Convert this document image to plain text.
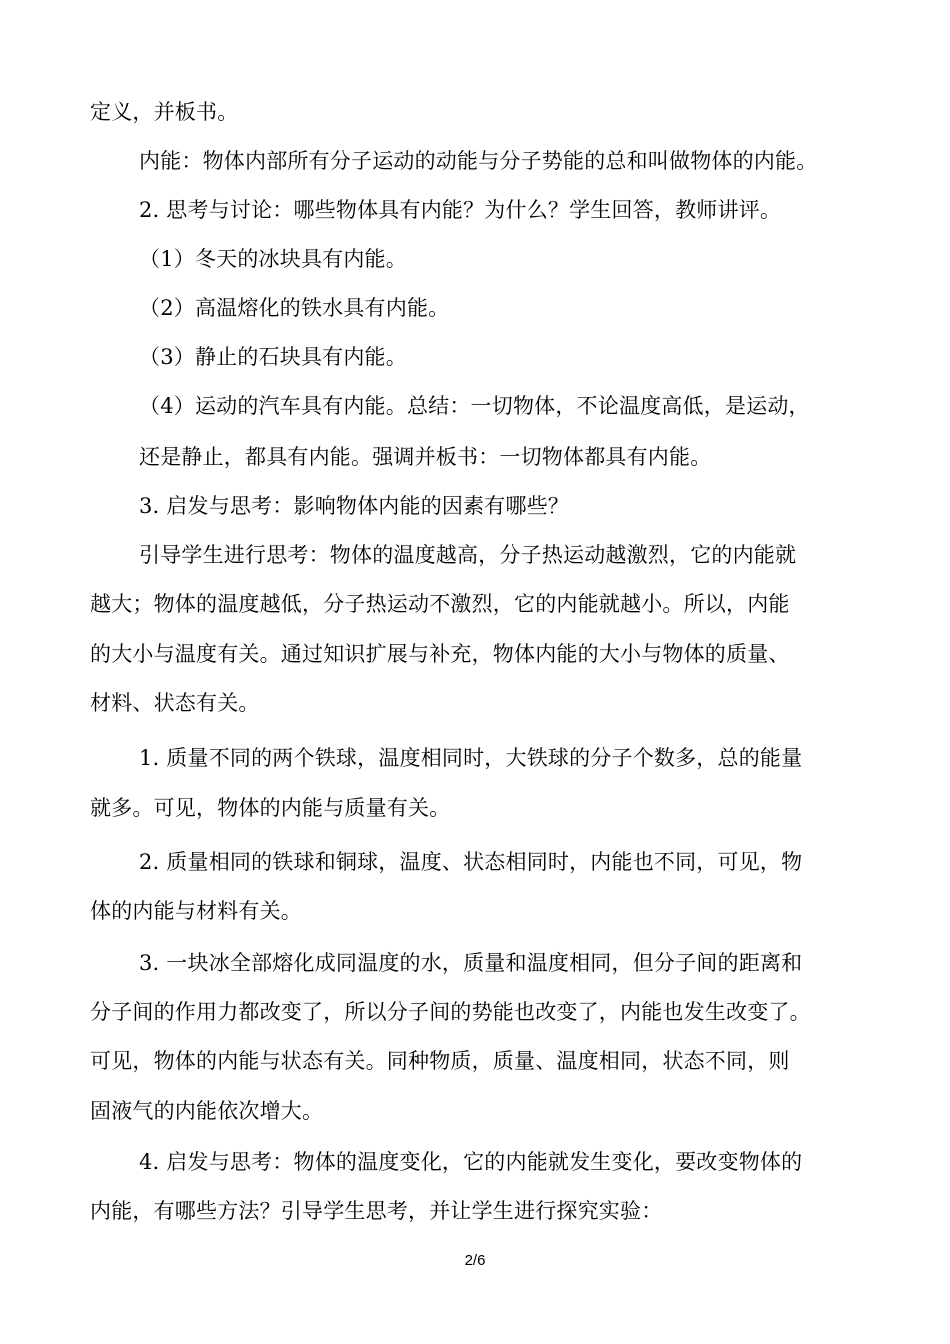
定义，并板书。
内能：物体内部所有分子运动的动能与分子势能的总和叫做物体的内能。
2. 思考与讨论：哪些物体具有内能？为什么？学生回答，教师讲评。
（1）冬天的冰块具有内能。
（2）高温熔化的铁水具有内能。
（3）静止的石块具有内能。
（4）运动的汽车具有内能。总结：一切物体，不论温度高低，是运动，
还是静止，都具有内能。强调并板书：一切物体都具有内能。
3. 启发与思考：影响物体内能的因素有哪些？
引导学生进行思考：物体的温度越高，分子热运动越激烈，它的内能就
越大；物体的温度越低，分子热运动不激烈，它的内能就越小。所以，内能
的大小与温度有关。通过知识扩展与补充，物体内能的大小与物体的质量、
材料、状态有关。
1. 质量不同的两个铁球，温度相同时，大铁球的分子个数多，总的能量
就多。可见，物体的内能与质量有关。
2. 质量相同的铁球和铜球，温度、状态相同时，内能也不同，可见，物
体的内能与材料有关。
3. 一块冰全部熔化成同温度的水，质量和温度相同，但分子间的距离和
分子间的作用力都改变了，所以分子间的势能也改变了，内能也发生改变了。
可见，物体的内能与状态有关。同种物质，质量、温度相同，状态不同，则
固液气的内能依次增大。
4. 启发与思考：物体的温度变化，它的内能就发生变化，要改变物体的
内能，有哪些方法？引导学生思考，并让学生进行探究实验：
2/6
